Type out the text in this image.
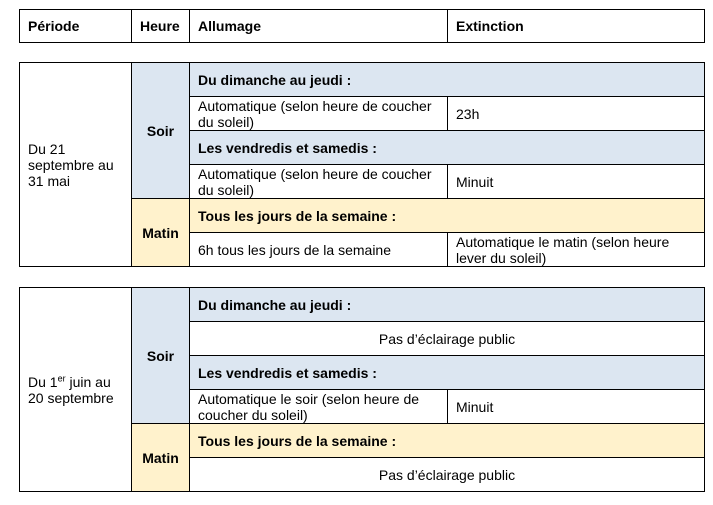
Période	Heure	Allumage	Extinction
Du 21 septembre au 31 mai	Soir	Du dimanche au jeudi :	
		Automatique (selon heure de coucher du soleil)	23h
		Les vendredis et samedis :	
		Automatique (selon heure de coucher du soleil)	Minuit
	Matin	Tous les jours de la semaine :	
		6h tous les jours de la semaine	Automatique le matin (selon heure lever du soleil)
Du 1er juin au 20 septembre	Soir	Du dimanche au jeudi :	
		Pas d’éclairage public	
		Les vendredis et samedis :	
		Automatique le soir (selon heure de coucher du soleil)	Minuit
	Matin	Tous les jours de la semaine :	
		Pas d’éclairage public	
